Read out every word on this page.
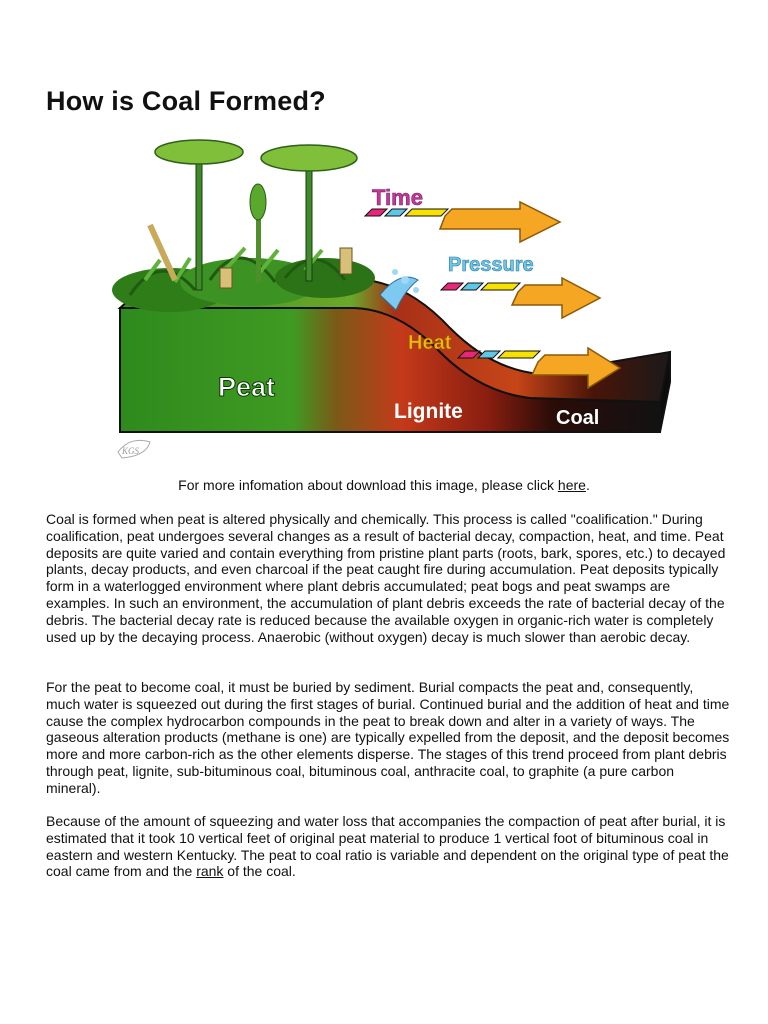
How is Coal Formed?
Time
Pressure
Heat
Peat
Lignite	Coal
KGS
For more infomation about download this image, please click here.

Coal is formed when peat is altered physically and chemically. This process is called "coalification." During coalification, peat undergoes several changes as a result of bacterial decay, compaction, heat, and time. Peat deposits are quite varied and contain everything from pristine plant parts (roots, bark, spores, etc.) to decayed plants, decay products, and even charcoal if the peat caught fire during accumulation. Peat deposits typically form in a waterlogged environment where plant debris accumulated; peat bogs and peat swamps are examples. In such an environment, the accumulation of plant debris exceeds the rate of bacterial decay of the debris. The bacterial decay rate is reduced because the available oxygen in organic-rich water is completely used up by the decaying process. Anaerobic (without oxygen) decay is much slower than aerobic decay.

For the peat to become coal, it must be buried by sediment. Burial compacts the peat and, consequently, much water is squeezed out during the first stages of burial. Continued burial and the addition of heat and time cause the complex hydrocarbon compounds in the peat to break down and alter in a variety of ways. The gaseous alteration products (methane is one) are typically expelled from the deposit, and the deposit becomes more and more carbon-rich as the other elements disperse. The stages of this trend proceed from plant debris through peat, lignite, sub-bituminous coal, bituminous coal, anthracite coal, to graphite (a pure carbon mineral).

Because of the amount of squeezing and water loss that accompanies the compaction of peat after burial, it is estimated that it took 10 vertical feet of original peat material to produce 1 vertical foot of bituminous coal in eastern and western Kentucky. The peat to coal ratio is variable and dependent on the original type of peat the coal came from and the rank of the coal.
